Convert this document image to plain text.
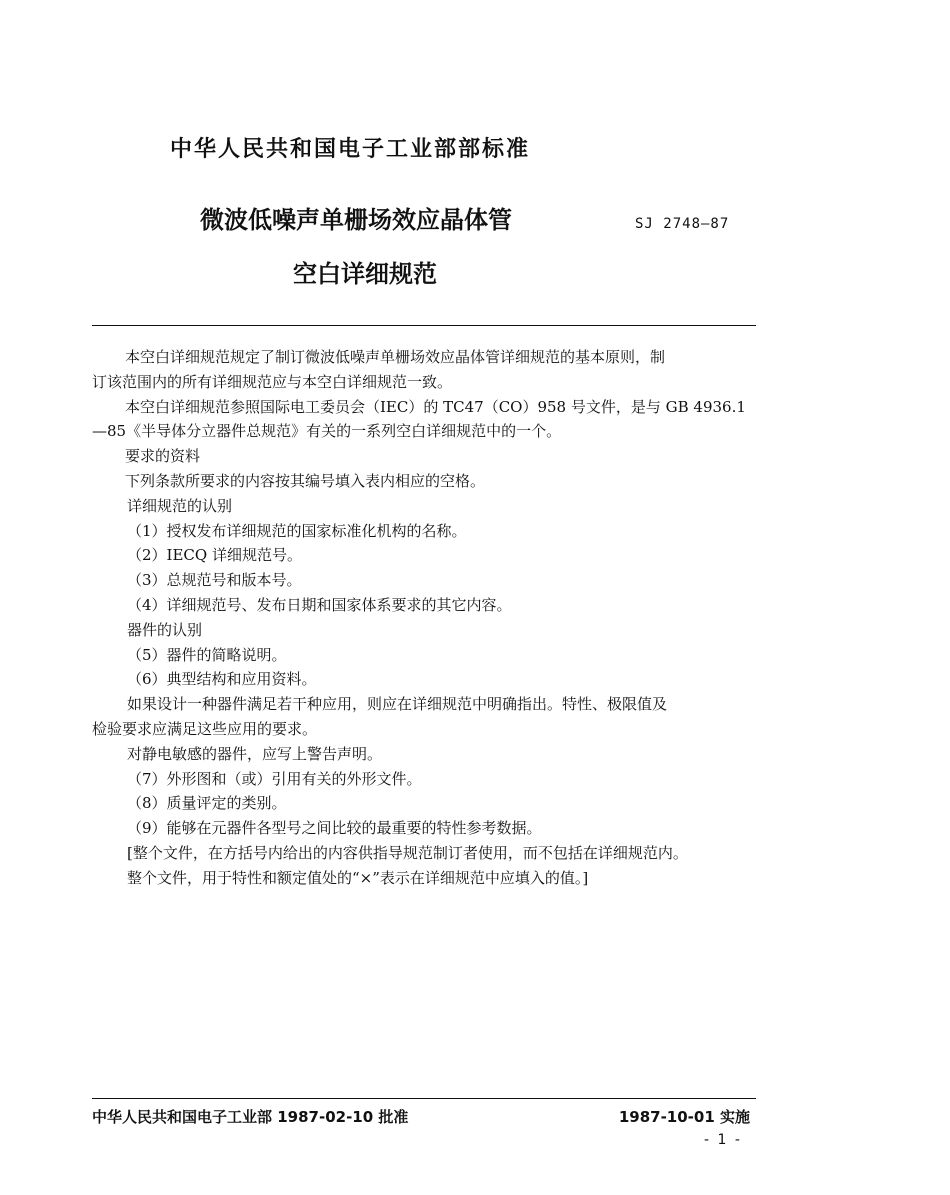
中华人民共和国电子工业部部标准
微波低噪声单栅场效应晶体管	SJ 2748—87
空白详细规范

本空白详细规范规定了制订微波低噪声单栅场效应晶体管详细规范的基本原则，制

订该范围内的所有详细规范应与本空白详细规范一致。

本空白详细规范参照国际电工委员会（IEC）的 TC47（CO）958 号文件，是与 GB 4936.1

—85《半导体分立器件总规范》有关的一系列空白详细规范中的一个。

要求的资料

下列条款所要求的内容按其编号填入表内相应的空格。

详细规范的认别

（1）授权发布详细规范的国家标准化机构的名称。

（2）IECQ 详细规范号。

（3）总规范号和版本号。

（4）详细规范号、发布日期和国家体系要求的其它内容。

器件的认别

（5）器件的简略说明。

（6）典型结构和应用资料。

如果设计一种器件满足若干种应用，则应在详细规范中明确指出。特性、极限值及

检验要求应满足这些应用的要求。

对静电敏感的器件，应写上警告声明。

（7）外形图和（或）引用有关的外形文件。

（8）质量评定的类别。

（9）能够在元器件各型号之间比较的最重要的特性参考数据。

[整个文件，在方括号内给出的内容供指导规范制订者使用，而不包括在详细规范内。

整个文件，用于特性和额定值处的“×”表示在详细规范中应填入的值。]

中华人民共和国电子工业部 1987-02-10 批准	1987-10-01 实施
- 1 -
